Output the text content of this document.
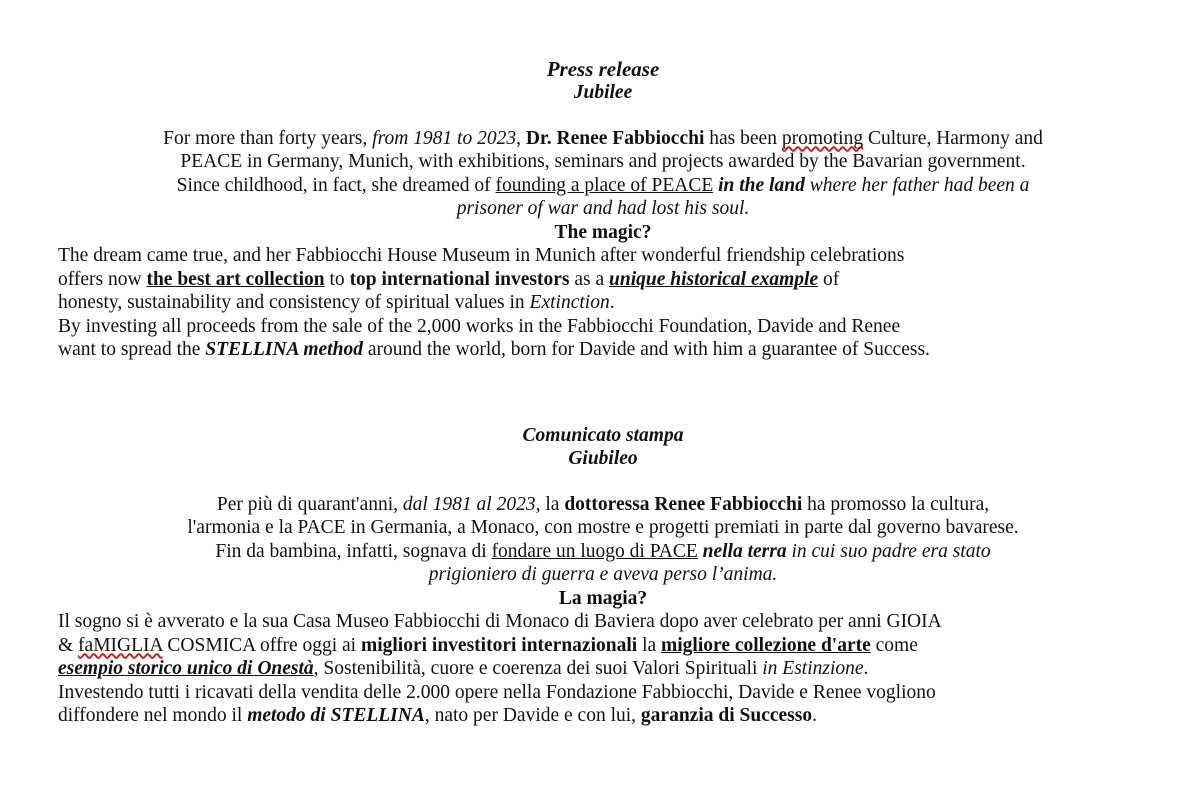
Press release
Jubilee
For more than forty years, from 1981 to 2023, Dr. Renee Fabbiocchi has been promoting Culture, Harmony and
PEACE in Germany, Munich, with exhibitions, seminars and projects awarded by the Bavarian government.
Since childhood, in fact, she dreamed of founding a place of PEACE in the land where her father had been a
prisoner of war and had lost his soul.
The magic?
The dream came true, and her Fabbiocchi House Museum in Munich after wonderful friendship celebrations
offers now the best art collection to top international investors as a unique historical example of
honesty, sustainability and consistency of spiritual values in Extinction.
By investing all proceeds from the sale of the 2,000 works in the Fabbiocchi Foundation, Davide and Renee
want to spread the STELLINA method around the world, born for Davide and with him a guarantee of Success.
Comunicato stampa
Giubileo
Per più di quarant'anni, dal 1981 al 2023, la dottoressa Renee Fabbiocchi ha promosso la cultura,
l'armonia e la PACE in Germania, a Monaco, con mostre e progetti premiati in parte dal governo bavarese.
Fin da bambina, infatti, sognava di fondare un luogo di PACE nella terra in cui suo padre era stato
prigioniero di guerra e aveva perso l’anima.
La magia?
Il sogno si è avverato e la sua Casa Museo Fabbiocchi di Monaco di Baviera dopo aver celebrato per anni GIOIA
& faMIGLIA COSMICA offre oggi ai migliori investitori internazionali la migliore collezione d'arte come
esempio storico unico di Onestà, Sostenibilità, cuore e coerenza dei suoi Valori Spirituali in Estinzione.
Investendo tutti i ricavati della vendita delle 2.000 opere nella Fondazione Fabbiocchi, Davide e Renee vogliono
diffondere nel mondo il metodo di STELLINA, nato per Davide e con lui, garanzia di Successo.
